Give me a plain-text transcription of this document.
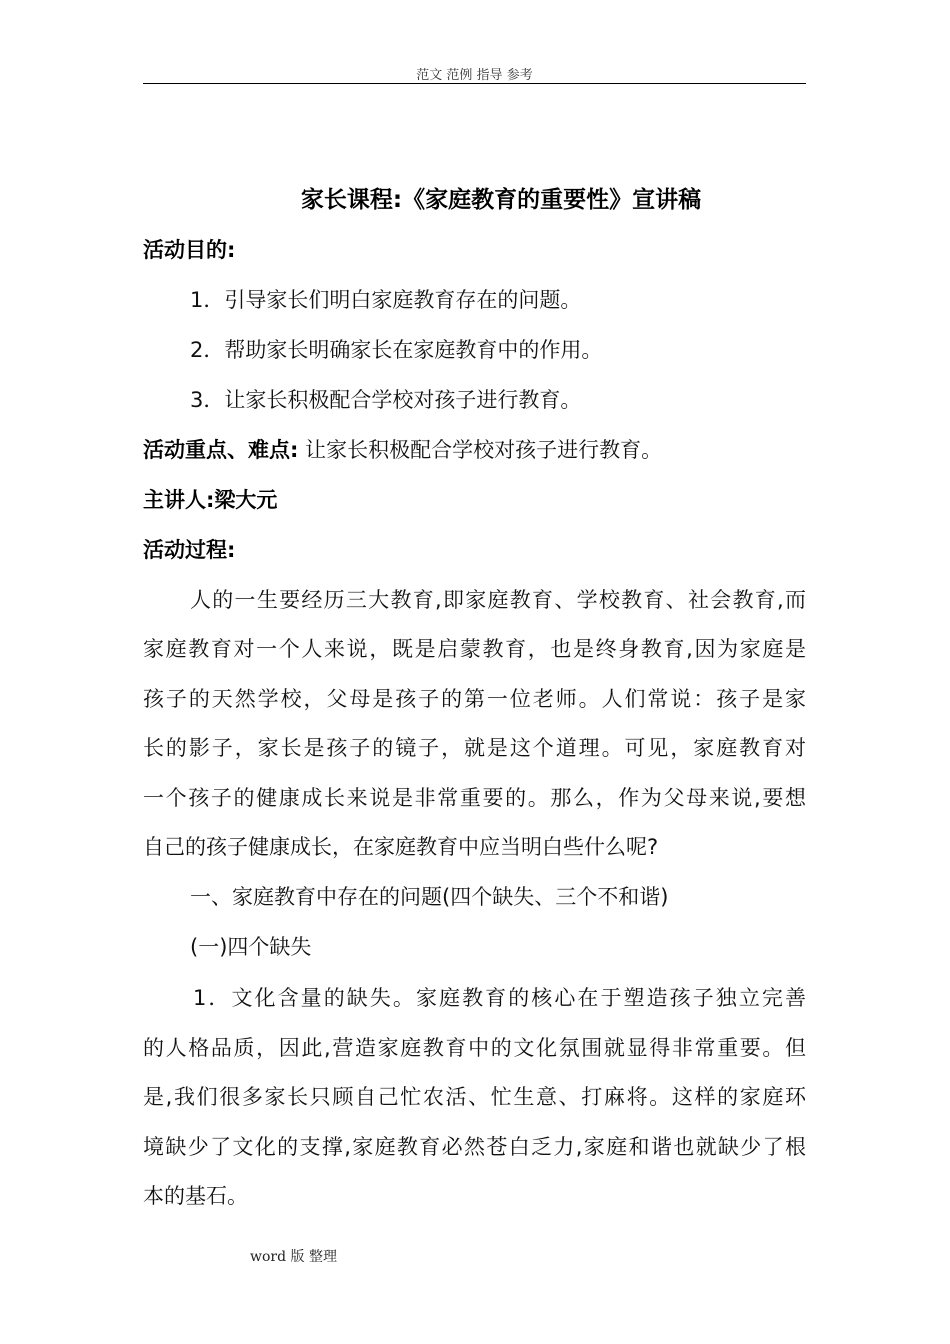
范文 范例 指导 参考
家长课程:《家庭教育的重要性》宣讲稿
活动目的:
1．引导家长们明白家庭教育存在的问题。
2．帮助家长明确家长在家庭教育中的作用。
3．让家长积极配合学校对孩子进行教育。
活动重点、难点: 让家长积极配合学校对孩子进行教育。
主讲人:梁大元
活动过程:
人的一生要经历三大教育,即家庭教育、学校教育、社会教育,而
家庭教育对一个人来说，既是启蒙教育，也是终身教育,因为家庭是
孩子的天然学校，父母是孩子的第一位老师。人们常说：孩子是家
长的影子，家长是孩子的镜子，就是这个道理。可见，家庭教育对
一个孩子的健康成长来说是非常重要的。那么，作为父母来说,要想
自己的孩子健康成长，在家庭教育中应当明白些什么呢?
一、家庭教育中存在的问题(四个缺失、三个不和谐)
(一)四个缺失
1．文化含量的缺失。家庭教育的核心在于塑造孩子独立完善
的人格品质，因此,营造家庭教育中的文化氛围就显得非常重要。但
是,我们很多家长只顾自己忙农活、忙生意、打麻将。这样的家庭环
境缺少了文化的支撑,家庭教育必然苍白乏力,家庭和谐也就缺少了根
本的基石。
word 版 整理
